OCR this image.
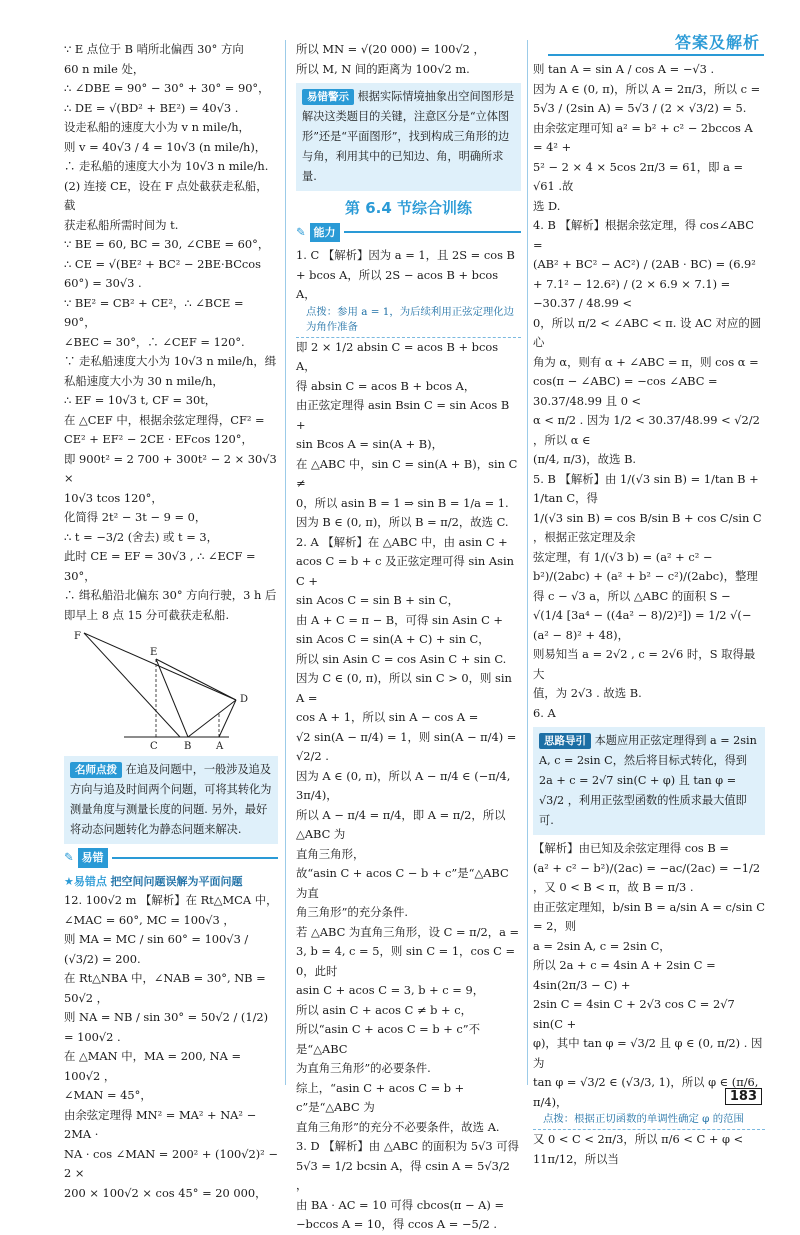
答案及解析

∵ E 点位于 B 哨所北偏西 30° 方向

60 n mile 处，

∴ ∠DBE = 90° − 30° + 30° = 90°，

∴ DE = √(BD² + BE²) = 40√3 .

设走私船的速度大小为 v n mile/h，

则 v = 40√3 / 4 = 10√3 (n mile/h)，

∴ 走私船的速度大小为 10√3 n mile/h.

(2) 连接 CE，设在 F 点处截获走私船，截

获走私船所需时间为 t.

∵ BE = 60, BC = 30, ∠CBE = 60°，

∴ CE = √(BE² + BC² − 2BE·BCcos 60°) = 30√3 .

∵ BE² = CB² + CE²，∴ ∠BCE = 90°，

∠BEC = 30°，∴ ∠CEF = 120°.

∵ 走私船速度大小为 10√3 n mile/h，缉

私船速度大小为 30 n mile/h，

∴ EF = 10√3 t, CF = 30t，

在 △CEF 中，根据余弦定理得，CF² =

CE² + EF² − 2CE · EFcos 120°，

即 900t² = 2 700 + 300t² − 2 × 30√3 ×

10√3 tcos 120°，

化简得 2t² − 3t − 9 = 0，

∴ t = −3/2 (舍去) 或 t = 3，

此时 CE = EF = 30√3 , ∴ ∠ECF = 30°，

∴ 缉私船沿北偏东 30° 方向行驶，3 h 后

即早上 8 点 15 分可截获走私船.

F
E
D
C	B A
名师点拨 在追及问题中，一般涉及追及方向与追及时间两个问题，可将其转化为测量角度与测量长度的问题. 另外，最好将动态问题转化为静态问题来解决.
✎ 易错

★易错点 把空间问题误解为平面问题

12. 100√2 m 【解析】在 Rt△MCA 中，

∠MAC = 60°, MC = 100√3 ，

则 MA = MC / sin 60° = 100√3 / (√3/2) = 200.

在 Rt△NBA 中，∠NAB = 30°, NB = 50√2 ，

则 NA = NB / sin 30° = 50√2 / (1/2) = 100√2 .

在 △MAN 中，MA = 200, NA = 100√2 ，

∠MAN = 45°，

由余弦定理得 MN² = MA² + NA² − 2MA ·

NA · cos ∠MAN = 200² + (100√2)² − 2 ×

200 × 100√2 × cos 45° = 20 000，

所以 MN = √(20 000) = 100√2 ，

所以 M, N 间的距离为 100√2 m.

易错警示 根据实际情境抽象出空间图形是解决这类题目的关键，注意区分是“立体图形”还是“平面图形”，找到构成三角形的边与角，利用其中的已知边、角，明确所求量.
第 6.4 节综合训练
✎ 能力

1. C 【解析】因为 a = 1，且 2S = cos B + bcos A，所以 2S − acos B + bcos A，

点拨：参用 a = 1，为后续利用正弦定理化边为角作准备

即 2 × 1/2 absin C = acos B + bcos A，

得 absin C = acos B + bcos A，

由正弦定理得 asin Bsin C = sin Acos B +

sin Bcos A = sin(A + B)，

在 △ABC 中，sin C = sin(A + B)，sin C ≠

0，所以 asin B = 1 ⇒ sin B = 1/a = 1.

因为 B ∈ (0, π)，所以 B = π/2，故选 C.

2. A 【解析】在 △ABC 中，由 asin C +

acos C = b + c 及正弦定理可得 sin Asin C +

sin Acos C = sin B + sin C，

由 A + C = π − B，可得 sin Asin C +

sin Acos C = sin(A + C) + sin C，

所以 sin Asin C = cos Asin C + sin C.

因为 C ∈ (0, π)，所以 sin C > 0，则 sin A =

cos A + 1，所以 sin A − cos A =

√2 sin(A − π/4) = 1，则 sin(A − π/4) = √2/2 .

因为 A ∈ (0, π)，所以 A − π/4 ∈ (−π/4, 3π/4)，

所以 A − π/4 = π/4，即 A = π/2，所以 △ABC 为

直角三角形，

故“asin C + acos C − b + c”是“△ABC 为直

角三角形”的充分条件.

若 △ABC 为直角三角形，设 C = π/2，a =

3, b = 4, c = 5，则 sin C = 1，cos C = 0，此时

asin C + acos C = 3, b + c = 9，

所以 asin C + acos C ≠ b + c，

所以“asin C + acos C = b + c”不是“△ABC

为直角三角形”的必要条件.

综上，“asin C + acos C = b + c”是“△ABC 为

直角三角形”的充分不必要条件，故选 A.

3. D 【解析】由 △ABC 的面积为 5√3 可得

5√3 = 1/2 bcsin A，得 csin A = 5√3/2 ，

由 BA · AC = 10 可得 cbcos(π − A) =

−bccos A = 10，得 ccos A = −5/2 .

则 tan A = sin A / cos A = −√3 .

因为 A ∈ (0, π)，所以 A = 2π/3，所以 c =

5√3 / (2sin A) = 5√3 / (2 × √3/2) = 5.

由余弦定理可知 a² = b² + c² − 2bccos A = 4² +

5² − 2 × 4 × 5cos 2π/3 = 61，即 a = √61 .故

选 D.

4. B 【解析】根据余弦定理，得 cos∠ABC =

(AB² + BC² − AC²) / (2AB · BC) = (6.9² + 7.1² − 12.6²) / (2 × 6.9 × 7.1) = −30.37 / 48.99 <

0，所以 π/2 < ∠ABC < π. 设 AC 对应的圆心

角为 α，则有 α + ∠ABC = π，则 cos α =

cos(π − ∠ABC) = −cos ∠ABC = 30.37/48.99 且 0 <

α < π/2 . 因为 1/2 < 30.37/48.99 < √2/2 ，所以 α ∈

(π/4, π/3)，故选 B.

5. B 【解析】由 1/(√3 sin B) = 1/tan B + 1/tan C，得

1/(√3 sin B) = cos B/sin B + cos C/sin C ，根据正弦定理及余

弦定理，有 1/(√3 b) = (a² + c² − b²)/(2abc) + (a² + b² − c²)/(2abc)，整理

得 c − √3 a，所以 △ABC 的面积 S −

√(1/4 [3a⁴ − ((4a² − 8)/2)²]) = 1/2 √(−(a² − 8)² + 48)，

则易知当 a = 2√2 , c = 2√6 时，S 取得最大

值，为 2√3 . 故选 B.

6. A

思路导引 本题应用正弦定理得到 a = 2sin A, c = 2sin C，然后将目标式转化，得到 2a + c = 2√7 sin(C + φ) 且 tan φ = √3/2 ，利用正弦型函数的性质求最大值即可.

【解析】由已知及余弦定理得 cos B =

(a² + c² − b²)/(2ac) = −ac/(2ac) = −1/2 ，又 0 < B < π，故 B = π/3 .

由正弦定理知，b/sin B = a/sin A = c/sin C = 2，则

a = 2sin A, c = 2sin C，

所以 2a + c = 4sin A + 2sin C = 4sin(2π/3 − C) +

2sin C = 4sin C + 2√3 cos C = 2√7 sin(C +

φ)，其中 tan φ = √3/2 且 φ ∈ (0, π/2) . 因为

tan φ = √3/2 ∈ (√3/3, 1)，所以 φ ∈ (π/6, π/4)，

点拨：根据正切函数的单调性确定 φ 的范围

又 0 < C < 2π/3，所以 π/6 < C + φ < 11π/12，所以当

183
